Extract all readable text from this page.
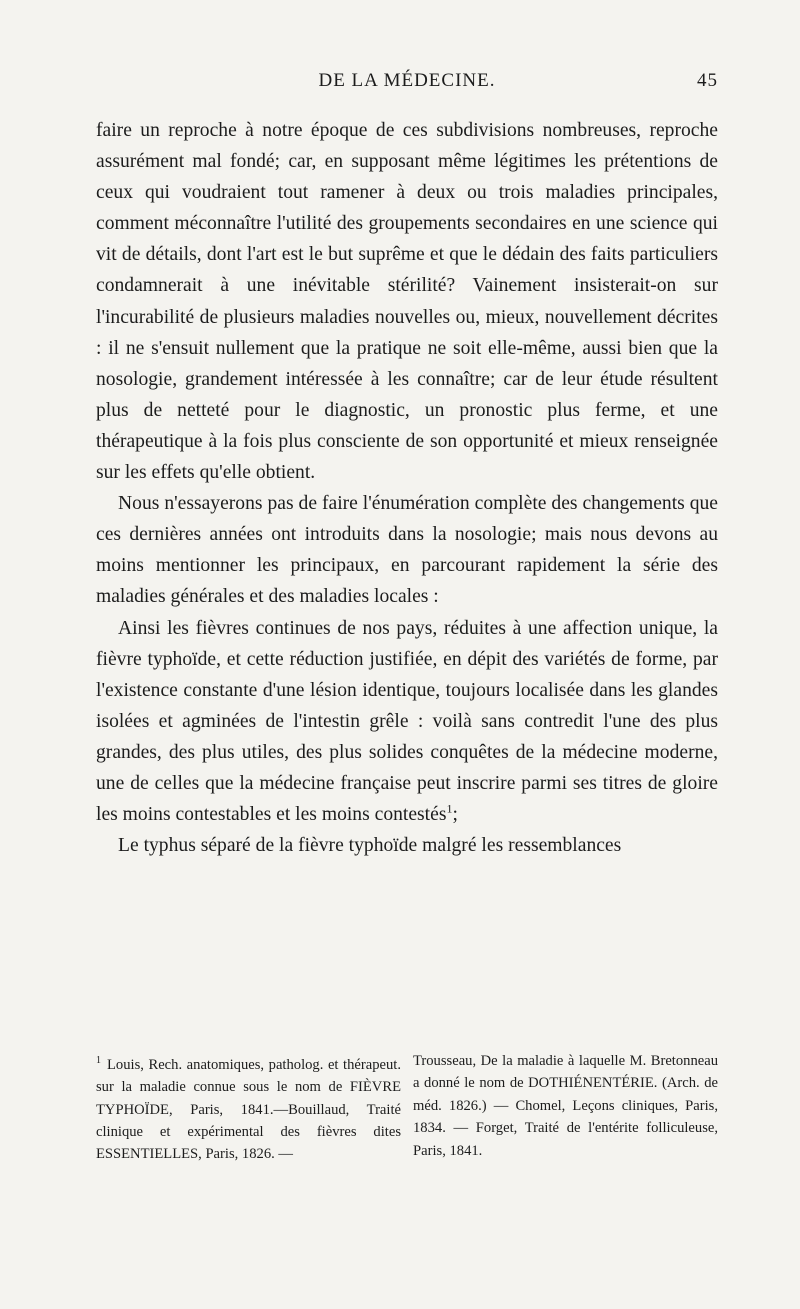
DE LA MÉDECINE.	45

faire un reproche à notre époque de ces subdivisions nombreuses, reproche assurément mal fondé; car, en supposant même légitimes les prétentions de ceux qui voudraient tout ramener à deux ou trois maladies principales, comment méconnaître l'utilité des groupements secondaires en une science qui vit de détails, dont l'art est le but suprême et que le dédain des faits particuliers condamnerait à une inévitable stérilité? Vainement insisterait-on sur l'incurabilité de plusieurs maladies nouvelles ou, mieux, nouvellement décrites : il ne s'ensuit nullement que la pratique ne soit elle-même, aussi bien que la nosologie, grandement intéressée à les connaître; car de leur étude résultent plus de netteté pour le diagnostic, un pronostic plus ferme, et une thérapeutique à la fois plus consciente de son opportunité et mieux renseignée sur les effets qu'elle obtient.

Nous n'essayerons pas de faire l'énumération complète des changements que ces dernières années ont introduits dans la nosologie; mais nous devons au moins mentionner les principaux, en parcourant rapidement la série des maladies générales et des maladies locales :

Ainsi les fièvres continues de nos pays, réduites à une affection unique, la fièvre typhoïde, et cette réduction justifiée, en dépit des variétés de forme, par l'existence constante d'une lésion identique, toujours localisée dans les glandes isolées et agminées de l'intestin grêle : voilà sans contredit l'une des plus grandes, des plus utiles, des plus solides conquêtes de la médecine moderne, une de celles que la médecine française peut inscrire parmi ses titres de gloire les moins contestables et les moins contestés$^1$;

Le typhus séparé de la fièvre typhoïde malgré les ressemblances

$^1$ Louis, Rech. anatomiques, patholog. et thérapeut. sur la maladie connue sous le nom de FIÈVRE TYPHOÏDE, Paris, 1841.—Bouillaud, Traité clinique et expérimental des fièvres dites ESSENTIELLES, Paris, 1826. —
Trousseau, De la maladie à laquelle M. Bretonneau a donné le nom de DOTHIÉNENTÉRIE. (Arch. de méd. 1826.) — Chomel, Leçons cliniques, Paris, 1834. — Forget, Traité de l'entérite folliculeuse, Paris, 1841.
